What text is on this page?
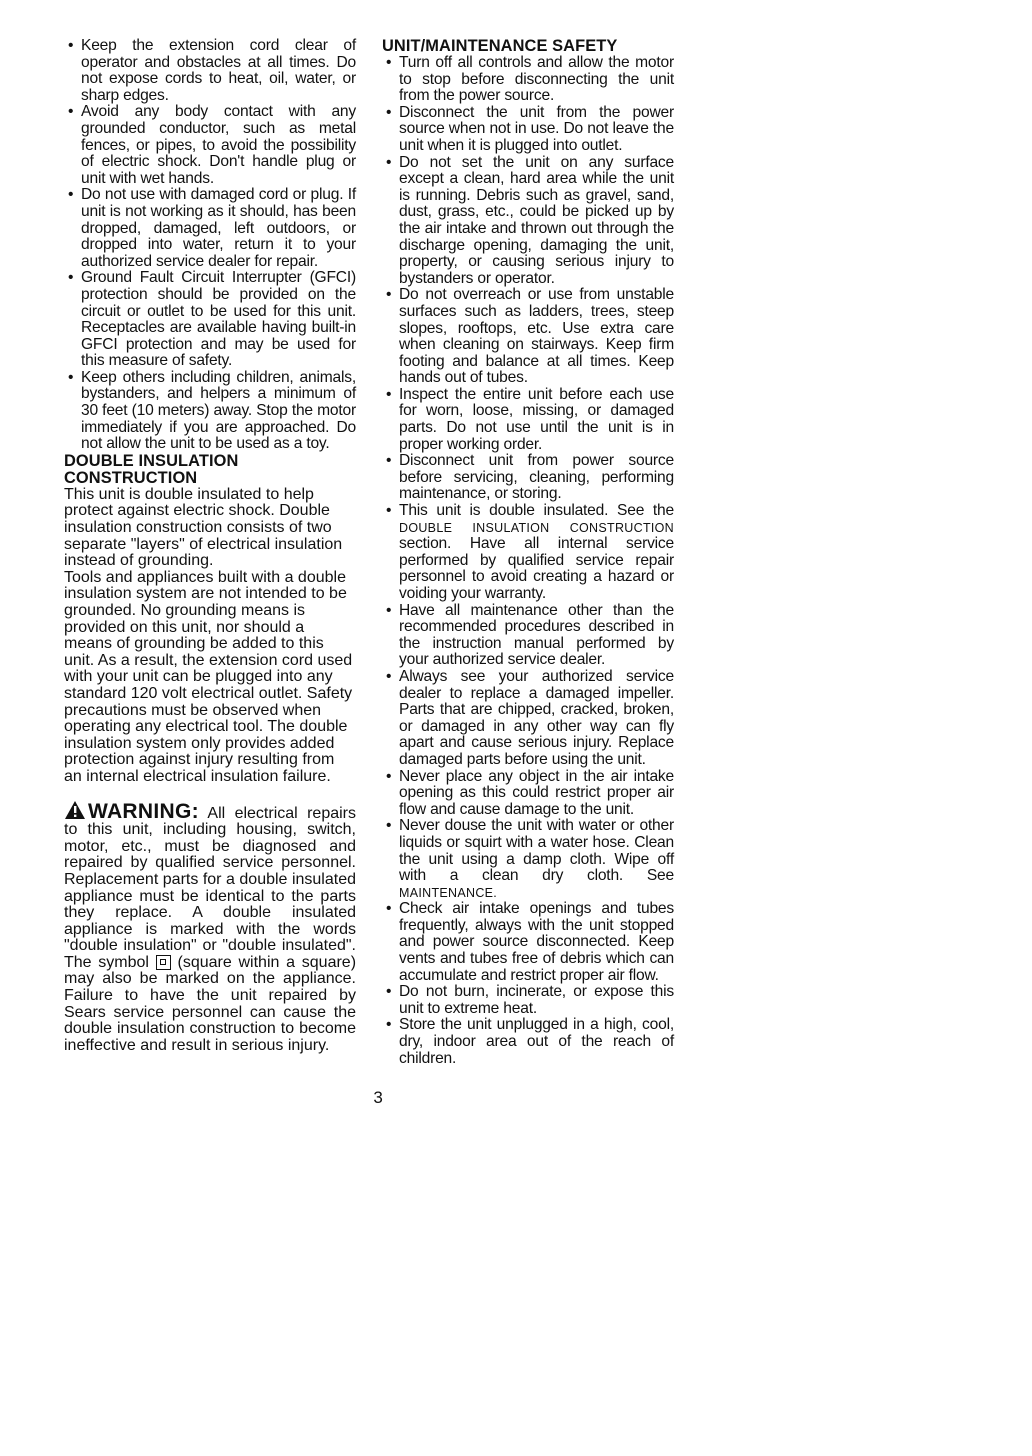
• Keep the extension cord clear of operator and obstacles at all times. Do not expose cords to heat, oil, water, or sharp edges.
• Avoid any body contact with any grounded conductor, such as metal fences, or pipes, to avoid the possibility of electric shock. Don't handle plug or unit with wet hands.
• Do not use with damaged cord or plug. If unit is not working as it should, has been dropped, damaged, left outdoors, or dropped into water, return it to your authorized service dealer for repair.
• Ground Fault Circuit Interrupter (GFCI) protection should be provided on the circuit or outlet to be used for this unit. Receptacles are available having built-in GFCI protection and may be used for this measure of safety.
• Keep others including children, animals, bystanders, and helpers a minimum of 30 feet (10 meters) away. Stop the motor immediately if you are approached. Do not allow the unit to be used as a toy.

DOUBLE INSULATION
CONSTRUCTION

This unit is double insulated to help protect against electric shock. Double insulation construction consists of two separate "layers" of electrical insulation instead of grounding.

Tools and appliances built with a double insulation system are not intended to be grounded. No grounding means is provided on this unit, nor should a means of grounding be added to this unit. As a result, the extension cord used with your unit can be plugged into any standard 120 volt electrical outlet. Safety precautions must be observed when operating any electrical tool. The double insulation system only provides added protection against injury resulting from an internal electrical insulation failure.

WARNING: All electrical repairs to this unit, including housing, switch, motor, etc., must be diagnosed and repaired by qualified service personnel. Replacement parts for a double insulated appliance must be identical to the parts they replace. A double insulated appliance is marked with the words "double insulation" or "double insulated". The symbol (square within a square) may also be marked on the appliance. Failure to have the unit repaired by Sears service personnel can cause the double insulation construction to become ineffective and result in serious injury.

UNIT/MAINTENANCE SAFETY

• Turn off all controls and allow the motor to stop before disconnecting the unit from the power source.
• Disconnect the unit from the power source when not in use. Do not leave the unit when it is plugged into outlet.
• Do not set the unit on any surface except a clean, hard area while the unit is running. Debris such as gravel, sand, dust, grass, etc., could be picked up by the air intake and thrown out through the discharge opening, damaging the unit, property, or causing serious injury to bystanders or operator.
• Do not overreach or use from unstable surfaces such as ladders, trees, steep slopes, rooftops, etc. Use extra care when cleaning on stairways. Keep firm footing and balance at all times. Keep hands out of tubes.
• Inspect the entire unit before each use for worn, loose, missing, or damaged parts. Do not use until the unit is in proper working order.
• Disconnect unit from power source before servicing, cleaning, performing maintenance, or storing.
• This unit is double insulated. See the DOUBLE INSULATION CONSTRUCTION section. Have all internal service performed by qualified service repair personnel to avoid creating a hazard or voiding your warranty.
• Have all maintenance other than the recommended procedures described in the instruction manual performed by your authorized service dealer.
• Always see your authorized service dealer to replace a damaged impeller. Parts that are chipped, cracked, broken, or damaged in any other way can fly apart and cause serious injury. Replace damaged parts before using the unit.
• Never place any object in the air intake opening as this could restrict proper air flow and cause damage to the unit.
• Never douse the unit with water or other liquids or squirt with a water hose. Clean the unit using a damp cloth. Wipe off with a clean dry cloth. See MAINTENANCE.
• Check air intake openings and tubes frequently, always with the unit stopped and power source disconnected. Keep vents and tubes free of debris which can accumulate and restrict proper air flow.
• Do not burn, incinerate, or expose this unit to extreme heat.
• Store the unit unplugged in a high, cool, dry, indoor area out of the reach of children.
3
